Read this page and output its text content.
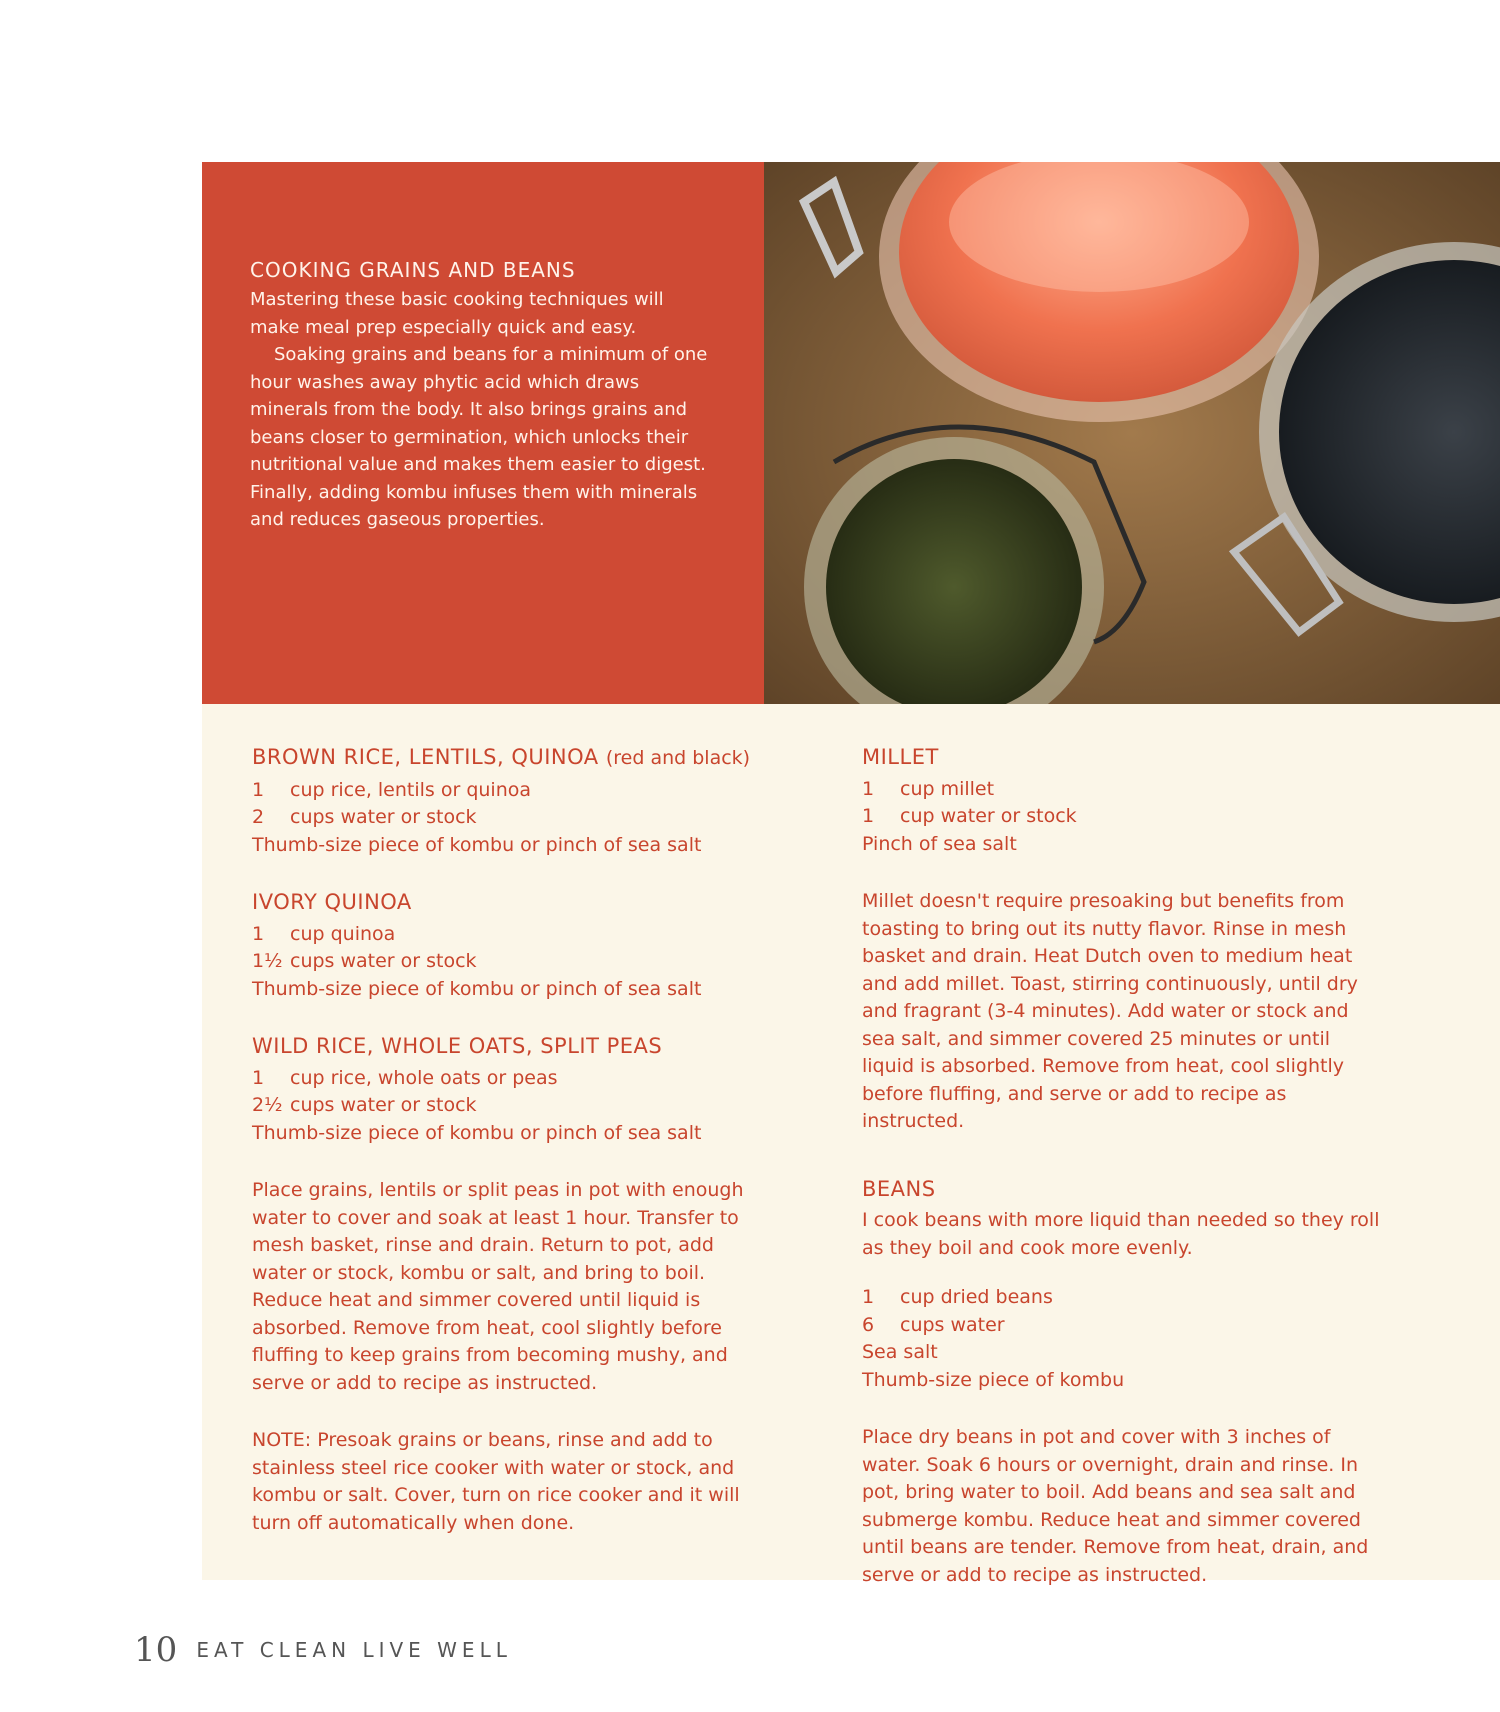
COOKING GRAINS AND BEANS

Mastering these basic cooking techniques will make meal prep especially quick and easy.

Soaking grains and beans for a minimum of one hour washes away phytic acid which draws minerals from the body. It also brings grains and beans closer to germination, which unlocks their nutritional value and makes them easier to digest. Finally, adding kombu infuses them with minerals and reduces gaseous properties.

BROWN RICE, LENTILS, QUINOA (red and black)
1 cup rice, lentils or quinoa
2 cups water or stock
Thumb-size piece of kombu or pinch of sea salt
IVORY QUINOA
1 cup quinoa
1½ cups water or stock
Thumb-size piece of kombu or pinch of sea salt
WILD RICE, WHOLE OATS, SPLIT PEAS
1 cup rice, whole oats or peas
2½ cups water or stock
Thumb-size piece of kombu or pinch of sea salt

Place grains, lentils or split peas in pot with enough water to cover and soak at least 1 hour. Transfer to mesh basket, rinse and drain. Return to pot, add water or stock, kombu or salt, and bring to boil. Reduce heat and simmer covered until liquid is absorbed. Remove from heat, cool slightly before fluffing to keep grains from becoming mushy, and serve or add to recipe as instructed.

NOTE: Presoak grains or beans, rinse and add to stainless steel rice cooker with water or stock, and kombu or salt. Cover, turn on rice cooker and it will turn off automatically when done.

MILLET
1 cup millet
1 cup water or stock
Pinch of sea salt

Millet doesn't require presoaking but benefits from toasting to bring out its nutty flavor. Rinse in mesh basket and drain. Heat Dutch oven to medium heat and add millet. Toast, stirring continuously, until dry and fragrant (3-4 minutes). Add water or stock and sea salt, and simmer covered 25 minutes or until liquid is absorbed. Remove from heat, cool slightly before fluffing, and serve or add to recipe as instructed.

BEANS

I cook beans with more liquid than needed so they roll as they boil and cook more evenly.

1 cup dried beans
6 cups water
Sea salt
Thumb-size piece of kombu

Place dry beans in pot and cover with 3 inches of water. Soak 6 hours or overnight, drain and rinse. In pot, bring water to boil. Add beans and sea salt and submerge kombu. Reduce heat and simmer covered until beans are tender. Remove from heat, drain, and serve or add to recipe as instructed.

10 EAT CLEAN LIVE WELL
